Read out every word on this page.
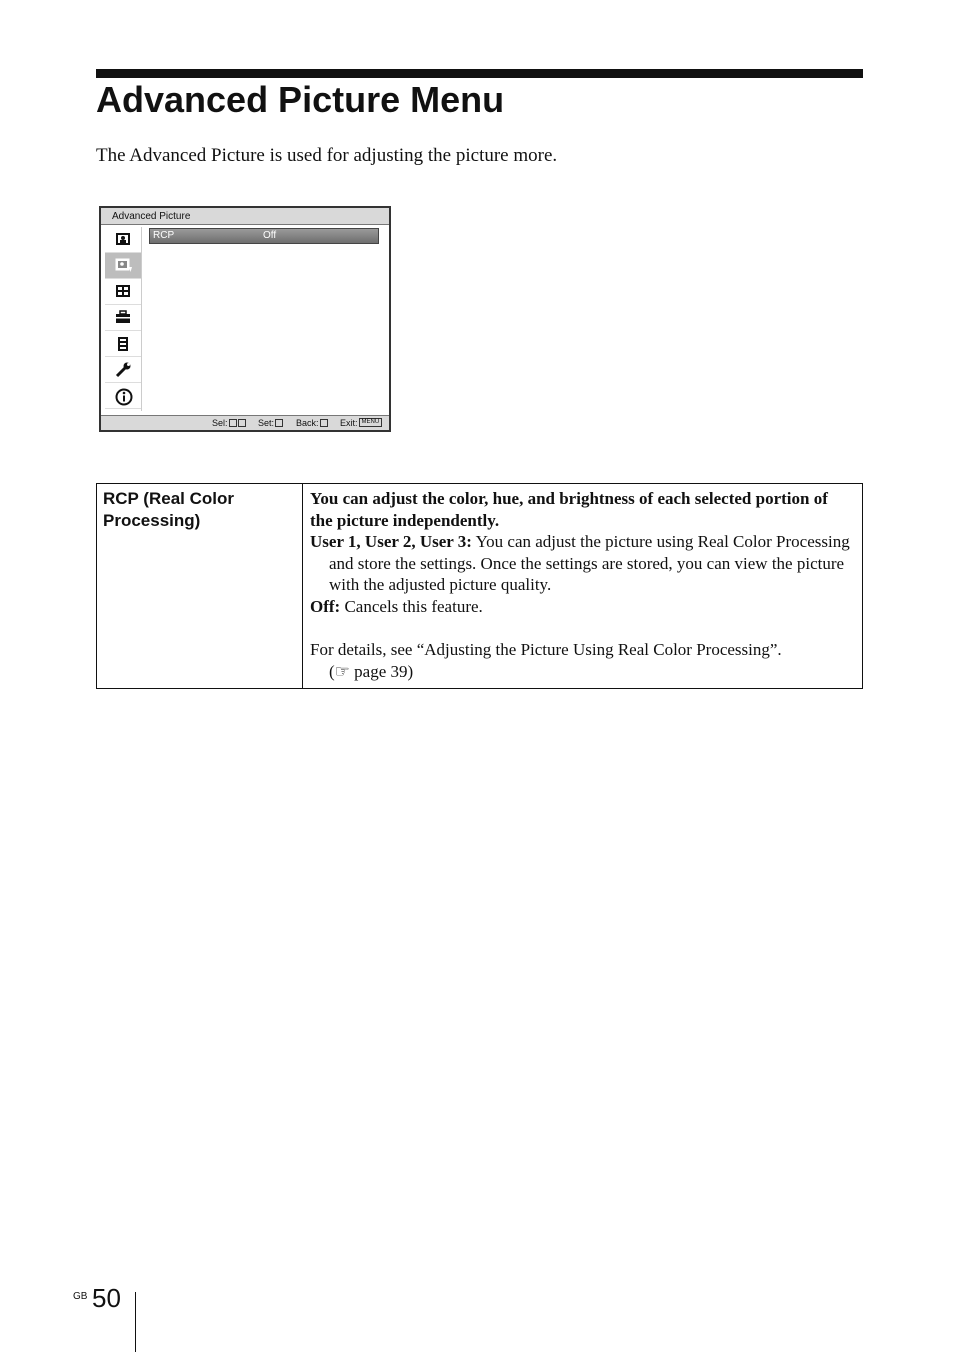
Advanced Picture Menu
The Advanced Picture is used for adjusting the picture more.
Advanced Picture
RCP	Off
Sel:	Set:	Back:	Exit: MENU
RCP (Real Color Processing)	

You can adjust the color, hue, and brightness of each selected portion of the picture independently.

User 1, User 2, User 3: You can adjust the picture using Real Color Processing and store the settings. Once the settings are stored, you can view the picture with the adjusted picture quality.

Off: Cancels this feature.

For details, see “Adjusting the Picture Using Real Color Processing”.

(☞ page 39)

GB 50
